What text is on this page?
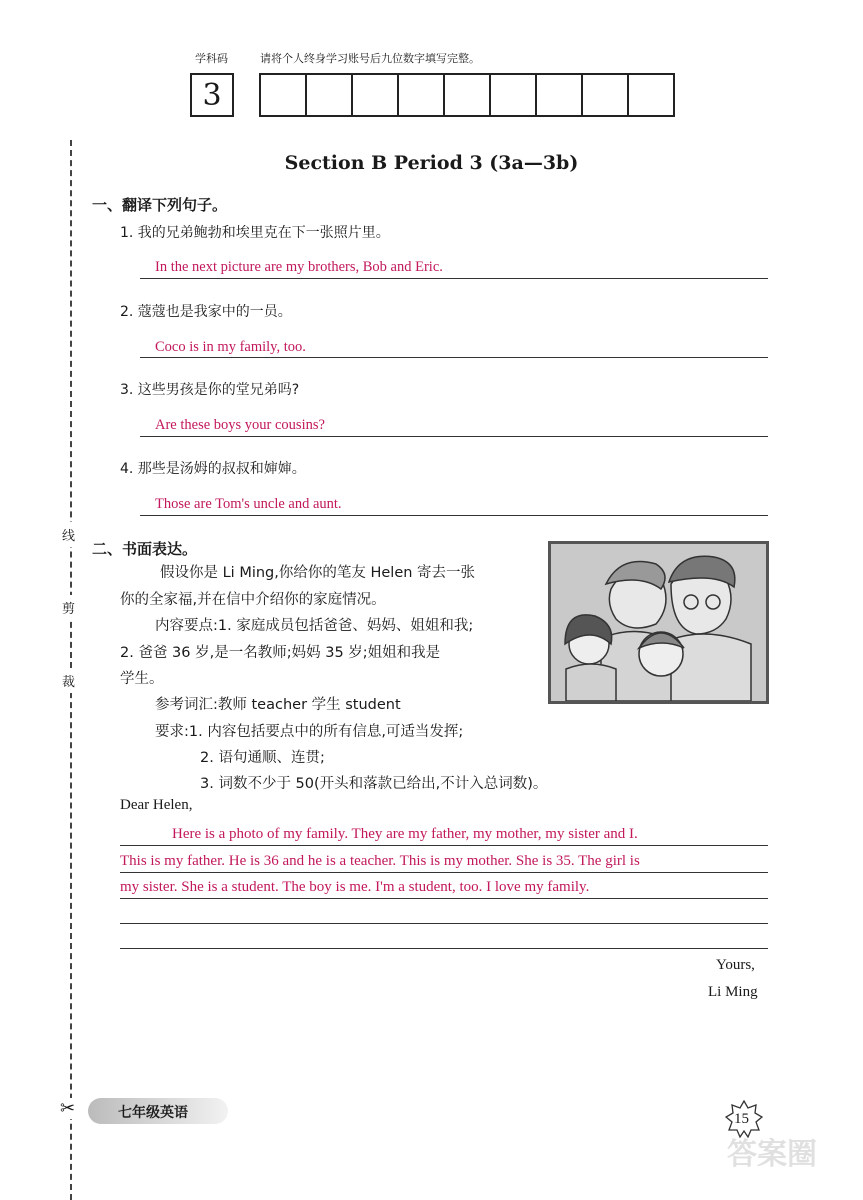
学科码	请将个人终身学习账号后九位数字填写完整。
3
Section B Period 3 (3a—3b)
线
剪
裁
✂
一、翻译下列句子。
1. 我的兄弟鲍勃和埃里克在下一张照片里。
In the next picture are my brothers, Bob and Eric.
2. 蔻蔻也是我家中的一员。
Coco is in my family, too.
3. 这些男孩是你的堂兄弟吗?
Are these boys your cousins?
4. 那些是汤姆的叔叔和婶婶。
Those are Tom's uncle and aunt.
二、书面表达。
假设你是 Li Ming,你给你的笔友 Helen 寄去一张
你的全家福,并在信中介绍你的家庭情况。
内容要点:1. 家庭成员包括爸爸、妈妈、姐姐和我;
2. 爸爸 36 岁,是一名教师;妈妈 35 岁;姐姐和我是
学生。
参考词汇:教师 teacher 学生 student
要求:1. 内容包括要点中的所有信息,可适当发挥;
2. 语句通顺、连贯;
3. 词数不少于 50(开头和落款已给出,不计入总词数)。
Dear Helen,
Here is a photo of my family. They are my father, my mother, my sister and I.
This is my father. He is 36 and he is a teacher. This is my mother. She is 35. The girl is
my sister. She is a student. The boy is me. I'm a student, too. I love my family.
Yours,
Li Ming
七年级英语	15
答案圈
